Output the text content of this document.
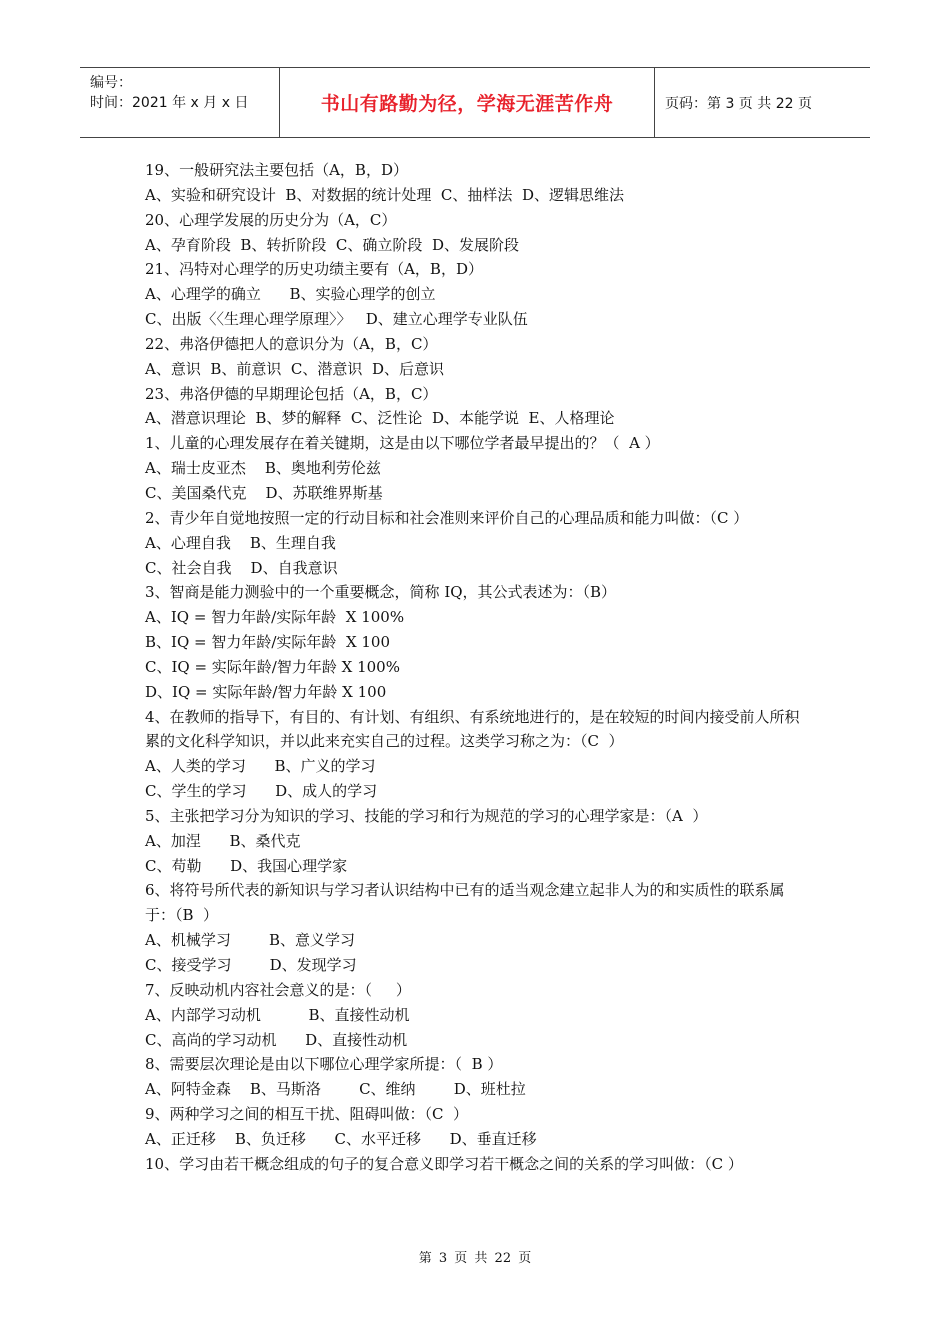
编号：
时间：2021 年 x 月 x 日	书山有路勤为径，学海无涯苦作舟	页码：第 3 页 共 22 页
19、一般研究法主要包括（A，B，D）
A、实验和研究设计  B、对数据的统计处理  C、抽样法  D、逻辑思维法
20、心理学发展的历史分为（A，C）
A、孕育阶段  B、转折阶段  C、确立阶段  D、发展阶段
21、冯特对心理学的历史功绩主要有（A，B，D）
A、心理学的确立      B、实验心理学的创立
C、出版〈〈生理心理学原理〉〉   D、建立心理学专业队伍
22、弗洛伊德把人的意识分为（A，B，C）
A、意识  B、前意识  C、潜意识  D、后意识
23、弗洛伊德的早期理论包括（A，B，C）
A、潜意识理论  B、梦的解释  C、泛性论  D、本能学说  E、人格理论
1、儿童的心理发展存在着关键期，这是由以下哪位学者最早提出的？（  A ）
A、瑞士皮亚杰    B、奥地利劳伦兹
C、美国桑代克    D、苏联维界斯基
2、青少年自觉地按照一定的行动目标和社会准则来评价自己的心理品质和能力叫做：（C ）
A、心理自我    B、生理自我
C、社会自我    D、自我意识
3、智商是能力测验中的一个重要概念，简称 IQ，其公式表述为：（B）
A、IQ = 智力年龄/实际年龄  X 100%
B、IQ = 智力年龄/实际年龄  X 100
C、IQ = 实际年龄/智力年龄 X 100%
D、IQ = 实际年龄/智力年龄 X 100
4、在教师的指导下，有目的、有计划、有组织、有系统地进行的，是在较短的时间内接受前人所积累的文化科学知识，并以此来充实自己的过程。这类学习称之为：（C  ）
A、人类的学习      B、广义的学习
C、学生的学习      D、成人的学习
5、主张把学习分为知识的学习、技能的学习和行为规范的学习的心理学家是：（A  ）
A、加涅      B、桑代克
C、苟勒      D、我国心理学家
6、将符号所代表的新知识与学习者认识结构中已有的适当观念建立起非人为的和实质性的联系属于：（B  ）
A、机械学习        B、意义学习
C、接受学习        D、发现学习
7、反映动机内容社会意义的是：（     ）
A、内部学习动机          B、直接性动机
C、高尚的学习动机      D、直接性动机
8、需要层次理论是由以下哪位心理学家所提：（  B ）
A、阿特金森    B、马斯洛        C、维纳        D、班杜拉
9、两种学习之间的相互干扰、阻碍叫做：（C  ）
A、正迁移    B、负迁移      C、水平迁移      D、垂直迁移
10、学习由若干概念组成的句子的复合意义即学习若干概念之间的关系的学习叫做：（C ）
第 3 页 共 22 页
